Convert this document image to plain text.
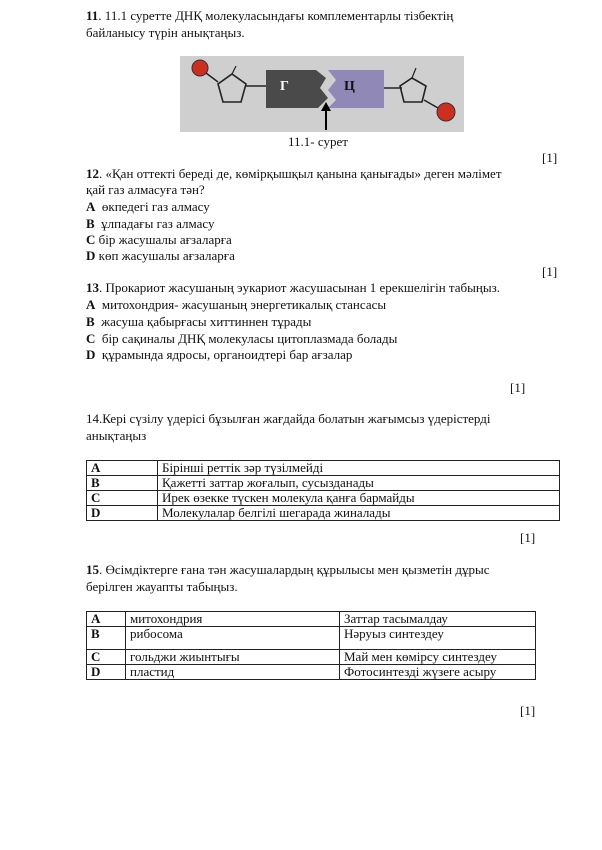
11. 11.1 суретте ДНҚ молекуласындағы комплементарлы тізбектің
байланысу түрін анықтаңыз.
Г	Ц
11.1- сурет
[1]
12. «Қан оттекті береді де, көмірқышқыл қанына қанығады» деген мәлімет
қай газ алмасуға тән?
A өкпедегі газ алмасу
B ұлпадағы газ алмасу
C бір жасушалы ағзаларға
D көп жасушалы ағзаларға
[1]
13. Прокариот жасушаның эукариот жасушасынан 1 ерекшелігін табыңыз.
A митохондрия- жасушаның энергетикалық стансасы
B жасуша қабырғасы хиттиннен тұрады
C бір сақиналы ДНҚ молекуласы цитоплазмада болады
D құрамында ядросы, органоидтері бар ағзалар
[1]
14.Кері сүзілу үдерісі бұзылған жағдайда болатын жағымсыз үдерістерді
анықтаңыз
A	Бірінші реттік зәр түзілмейді
B	Қажетті заттар жоғалып, сусызданады
C	Ирек өзекке түскен молекула қанға бармайды
D	Молекулалар белгілі шегарада жиналады
[1]
15. Өсімдіктерге ғана тән жасушалардың құрылысы мен қызметін дұрыс
берілген жауапты табыңыз.
A	митохондрия	Заттар тасымалдау
B	рибосома	Нәруыз синтездеу
C	гольджи жиынтығы	Май мен көмірсу синтездеу
D	пластид	Фотосинтезді жүзеге асыру
[1]
